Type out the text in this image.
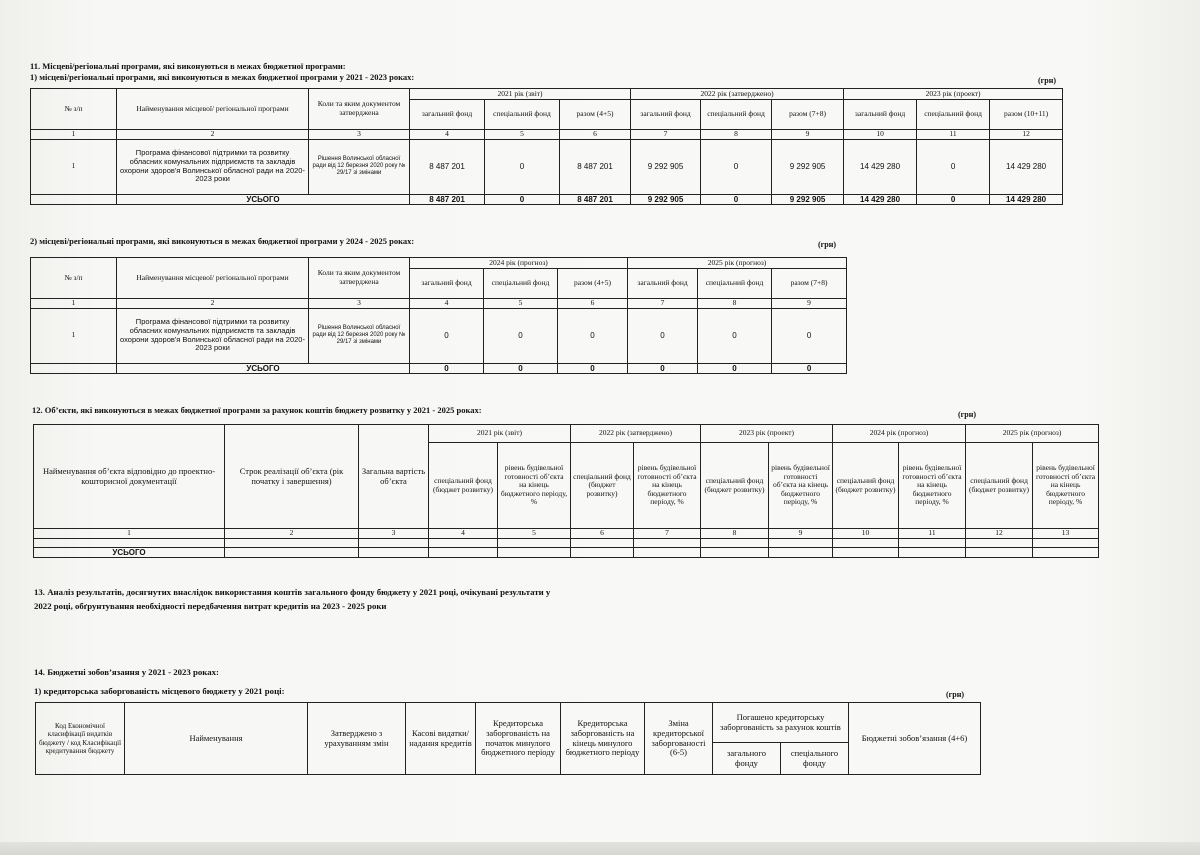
11. Місцеві/регіональні програми, які виконуються в межах бюджетної програми:
1) місцеві/регіональні програми, які виконуються в межах бюджетної програми у 2021 - 2023 роках:	(грн)
№ з/п	Найменування місцевої/ регіональної програми	Коли та яким документом затверджена	2021 рік (звіт)			2022 рік (затверджено)			2023 рік (проект)		
			загальний фонд	спеціальний фонд	разом (4+5)	загальний фонд	спеціальний фонд	разом (7+8)	загальний фонд	спеціальний фонд	разом (10+11)
1	2	3	4	5	6	7	8	9	10	11	12
1	Програма фінансової підтримки та розвитку обласних комунальних підприємств та закладів охорони здоров'я Волинської обласної ради на 2020-2023 роки	Рішення Волинської обласної ради від 12 березня 2020 року № 29/17 зі змінами	8 487 201	0	8 487 201	9 292 905	0	9 292 905	14 429 280	0	14 429 280
	УСЬОГО		8 487 201	0	8 487 201	9 292 905	0	9 292 905	14 429 280	0	14 429 280
2) місцеві/регіональні програми, які виконуються в межах бюджетної програми у 2024 - 2025 роках:	(грн)
№ з/п	Найменування місцевої/ регіональної програми	Коли та яким документом затверджена	2024 рік (прогноз)			2025 рік (прогноз)		
			загальний фонд	спеціальний фонд	разом (4+5)	загальний фонд	спеціальний фонд	разом (7+8)
1	2	3	4	5	6	7	8	9
1	Програма фінансової підтримки та розвитку обласних комунальних підприємств та закладів охорони здоров'я Волинської обласної ради на 2020-2023 роки	Рішення Волинської обласної ради від 12 березня 2020 року № 29/17 зі змінами	0	0	0	0	0	0
	УСЬОГО		0	0	0	0	0	0
12. Об’єкти, які виконуються в межах бюджетної програми за рахунок коштів бюджету розвитку у 2021 - 2025 роках:	(грн)
Найменування об’єкта відповідно до проектно-кошторисної документації	Строк реалізації об’єкта (рік початку і завершення)	Загальна вартість об’єкта	2021 рік (звіт)		2022 рік (затверджено)		2023 рік (проект)		2024 рік (прогноз)		2025 рік (прогноз)	
			спеціальний фонд (бюджет розвитку)	рівень будівельної готовності об’єкта на кінець бюджетного періоду, %	спеціальний фонд (бюджет розвитку)	рівень будівельної готовності об’єкта на кінець бюджетного періоду, %	спеціальний фонд (бюджет розвитку)	рівень будівельної готовності об’єкта на кінець бюджетного періоду, %	спеціальний фонд (бюджет розвитку)	рівень будівельної готовності об’єкта на кінець бюджетного періоду, %	спеціальний фонд (бюджет розвитку)	рівень будівельної готовності об’єкта на кінець бюджетного періоду, %
1	2	3	4	5	6	7	8	9	10	11	12	13

УСЬОГО												
13. Аналіз результатів, досягнутих внаслідок використання коштів загального фонду бюджету у 2021 році, очікувані результати у
2022 році, обґрунтування необхідності передбачення витрат кредитів на 2023 - 2025 роки
14. Бюджетні зобов’язання у 2021 - 2023 роках:
1) кредиторська заборгованість місцевого бюджету у 2021 році:	(грн)
Код Економічної класифікації видатків бюджету / код Класифікації кредитування бюджету	Найменування	Затверджено з урахуванням змін	Касові видатки/ надання кредитів	Кредиторська заборгованість на початок минулого бюджетного періоду	Кредиторська заборгованість на кінець минулого бюджетного періоду	Зміна кредиторської заборгованості (6-5)	Погашено кредиторську заборгованість за рахунок коштів		Бюджетні зобов’язання (4+6)
							загального фонду	спеціального фонду	
